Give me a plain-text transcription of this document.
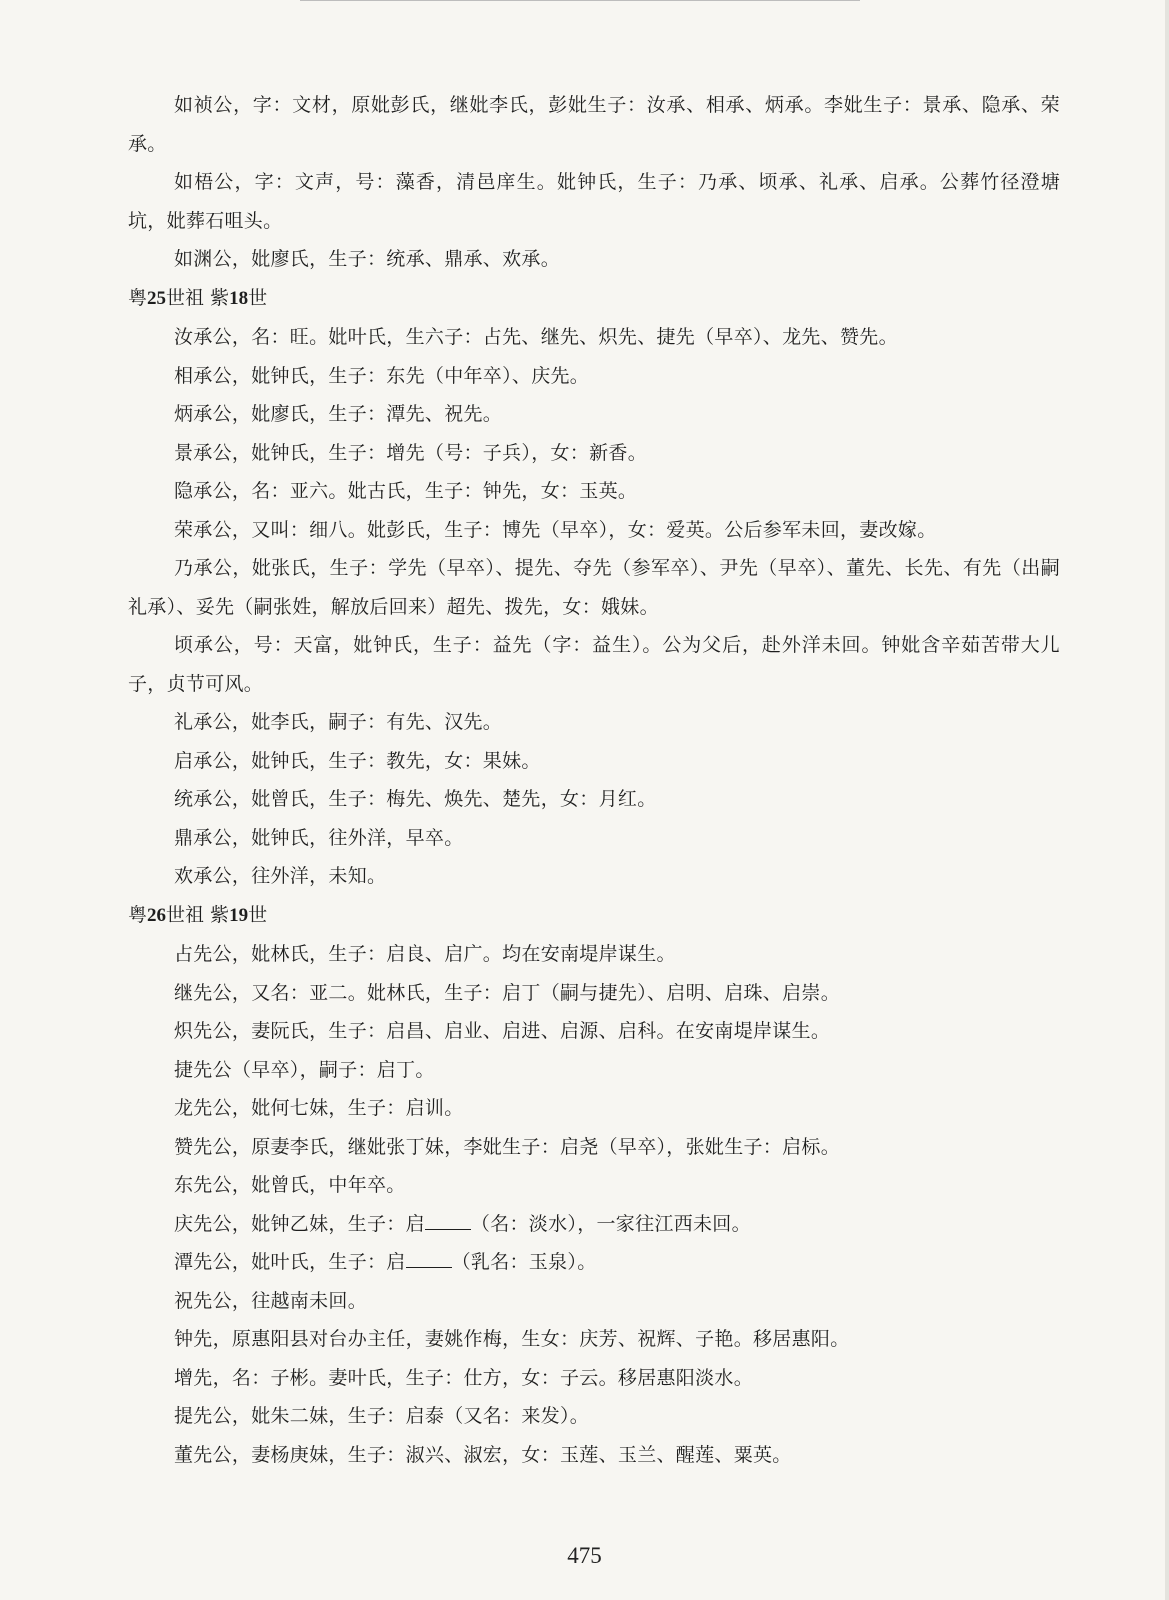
如祯公，字：文材，原妣彭氏，继妣李氏，彭妣生子：汝承、相承、炳承。李妣生子：景承、隐承、荣承。

如梧公，字：文声，号：藻香，清邑庠生。妣钟氏，生子：乃承、顷承、礼承、启承。公葬竹径澄塘坑，妣葬石咀头。

如渊公，妣廖氏，生子：统承、鼎承、欢承。

粤25世祖 紫18世

汝承公，名：旺。妣叶氏，生六子：占先、继先、炽先、捷先（早卒）、龙先、赞先。

相承公，妣钟氏，生子：东先（中年卒）、庆先。

炳承公，妣廖氏，生子：潭先、祝先。

景承公，妣钟氏，生子：增先（号：子兵），女：新香。

隐承公，名：亚六。妣古氏，生子：钟先，女：玉英。

荣承公，又叫：细八。妣彭氏，生子：博先（早卒），女：爱英。公后参军未回，妻改嫁。

乃承公，妣张氏，生子：学先（早卒）、提先、夺先（参军卒）、尹先（早卒）、董先、长先、有先（出嗣礼承）、妥先（嗣张姓，解放后回来）超先、拨先，女：娥妹。

顷承公，号：天富，妣钟氏，生子：益先（字：益生）。公为父后，赴外洋未回。钟妣含辛茹苦带大儿子，贞节可风。

礼承公，妣李氏，嗣子：有先、汉先。

启承公，妣钟氏，生子：教先，女：果妹。

统承公，妣曾氏，生子：梅先、焕先、楚先，女：月红。

鼎承公，妣钟氏，往外洋，早卒。

欢承公，往外洋，未知。

粤26世祖 紫19世

占先公，妣林氏，生子：启良、启广。均在安南堤岸谋生。

继先公，又名：亚二。妣林氏，生子：启丁（嗣与捷先）、启明、启珠、启崇。

炽先公，妻阮氏，生子：启昌、启业、启进、启源、启科。在安南堤岸谋生。

捷先公（早卒），嗣子：启丁。

龙先公，妣何七妹，生子：启训。

赞先公，原妻李氏，继妣张丁妹，李妣生子：启尧（早卒），张妣生子：启标。

东先公，妣曾氏，中年卒。

庆先公，妣钟乙妹，生子：启 （名：淡水），一家往江西未回。

潭先公，妣叶氏，生子：启 （乳名：玉泉）。

祝先公，往越南未回。

钟先，原惠阳县对台办主任，妻姚作梅，生女：庆芳、祝辉、子艳。移居惠阳。

增先，名：子彬。妻叶氏，生子：仕方，女：子云。移居惠阳淡水。

提先公，妣朱二妹，生子：启泰（又名：来发）。

董先公，妻杨庚妹，生子：淑兴、淑宏，女：玉莲、玉兰、醒莲、粟英。

475
